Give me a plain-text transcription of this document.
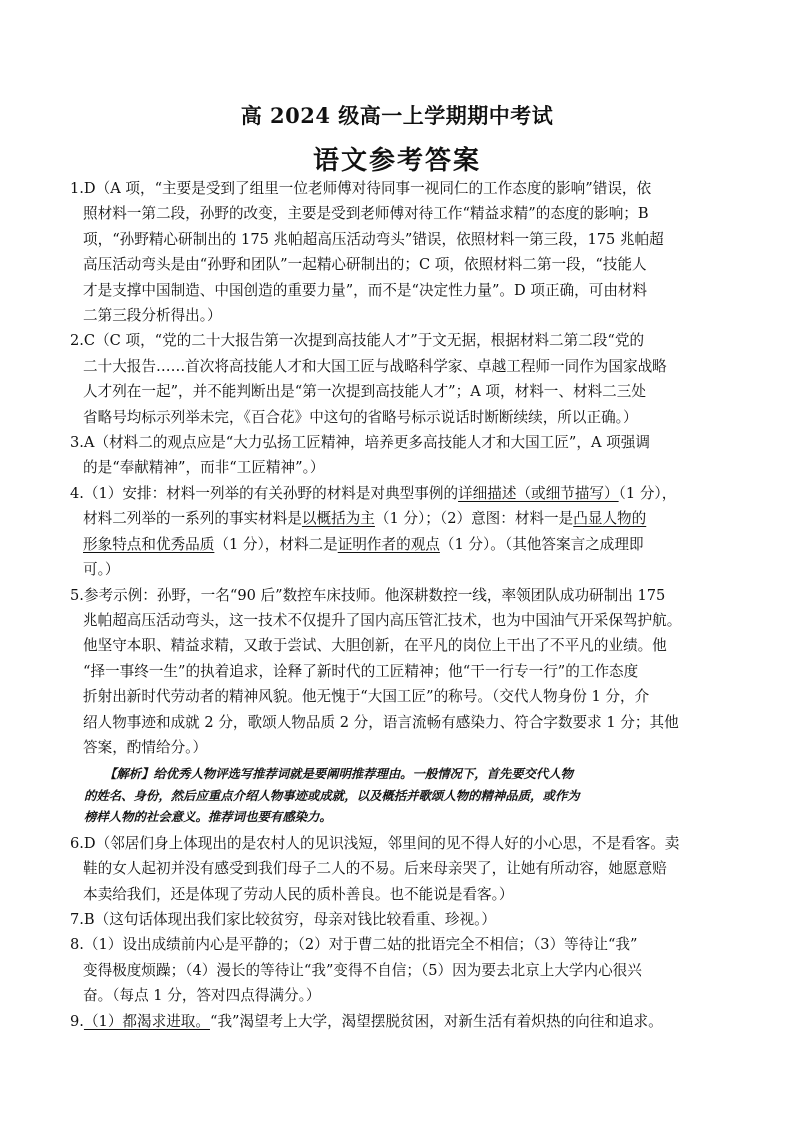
高 2024 级高一上学期期中考试
语文参考答案
1.D（A 项，“主要是受到了组里一位老师傅对待同事一视同仁的工作态度的影响”错误，依
照材料一第二段，孙野的改变，主要是受到老师傅对待工作“精益求精”的态度的影响；B
项，“孙野精心研制出的 175 兆帕超高压活动弯头”错误，依照材料一第三段，175 兆帕超
高压活动弯头是由“孙野和团队”一起精心研制出的；C 项，依照材料二第一段，“技能人
才是支撑中国制造、中国创造的重要力量”，而不是“决定性力量”。D 项正确，可由材料
二第三段分析得出。）
2.C（C 项，“党的二十大报告第一次提到高技能人才”于文无据，根据材料二第二段“党的
二十大报告……首次将高技能人才和大国工匠与战略科学家、卓越工程师一同作为国家战略
人才列在一起”，并不能判断出是“第一次提到高技能人才”；A 项，材料一、材料二三处
省略号均标示列举未完，《百合花》中这句的省略号标示说话时断断续续，所以正确。）
3.A（材料二的观点应是“大力弘扬工匠精神，培养更多高技能人才和大国工匠”，A 项强调
的是“奉献精神”，而非“工匠精神”。）
4.（1）安排：材料一列举的有关孙野的材料是对典型事例的详细描述（或细节描写）（1 分），
材料二列举的一系列的事实材料是以概括为主（1 分）；（2）意图：材料一是凸显人物的
形象特点和优秀品质（1 分），材料二是证明作者的观点（1 分）。（其他答案言之成理即
可。）
5.参考示例：孙野，一名“90 后”数控车床技师。他深耕数控一线，率领团队成功研制出 175
兆帕超高压活动弯头，这一技术不仅提升了国内高压管汇技术，也为中国油气开采保驾护航。
他坚守本职、精益求精，又敢于尝试、大胆创新，在平凡的岗位上干出了不平凡的业绩。他
“择一事终一生”的执着追求，诠释了新时代的工匠精神；他“干一行专一行”的工作态度
折射出新时代劳动者的精神风貌。他无愧于“大国工匠”的称号。（交代人物身份 1 分，介
绍人物事迹和成就 2 分，歌颂人物品质 2 分，语言流畅有感染力、符合字数要求 1 分；其他
答案，酌情给分。）
【解析】给优秀人物评选写推荐词就是要阐明推荐理由。一般情况下，首先要交代人物
的姓名、身份，然后应重点介绍人物事迹或成就，以及概括并歌颂人物的精神品质，或作为
榜样人物的社会意义。推荐词也要有感染力。
6.D（邻居们身上体现出的是农村人的见识浅短，邻里间的见不得人好的小心思，不是看客。卖
鞋的女人起初并没有感受到我们母子二人的不易。后来母亲哭了，让她有所动容，她愿意赔
本卖给我们，还是体现了劳动人民的质朴善良。也不能说是看客。）
7.B（这句话体现出我们家比较贫穷，母亲对钱比较看重、珍视。）
8.（1）设出成绩前内心是平静的；（2）对于曹二姑的批语完全不相信；（3）等待让“我”
变得极度烦躁；（4）漫长的等待让“我”变得不自信；（5）因为要去北京上大学内心很兴
奋。（每点 1 分，答对四点得满分。）
9.（1）都渴求进取。“我”渴望考上大学，渴望摆脱贫困，对新生活有着炽热的向往和追求。
